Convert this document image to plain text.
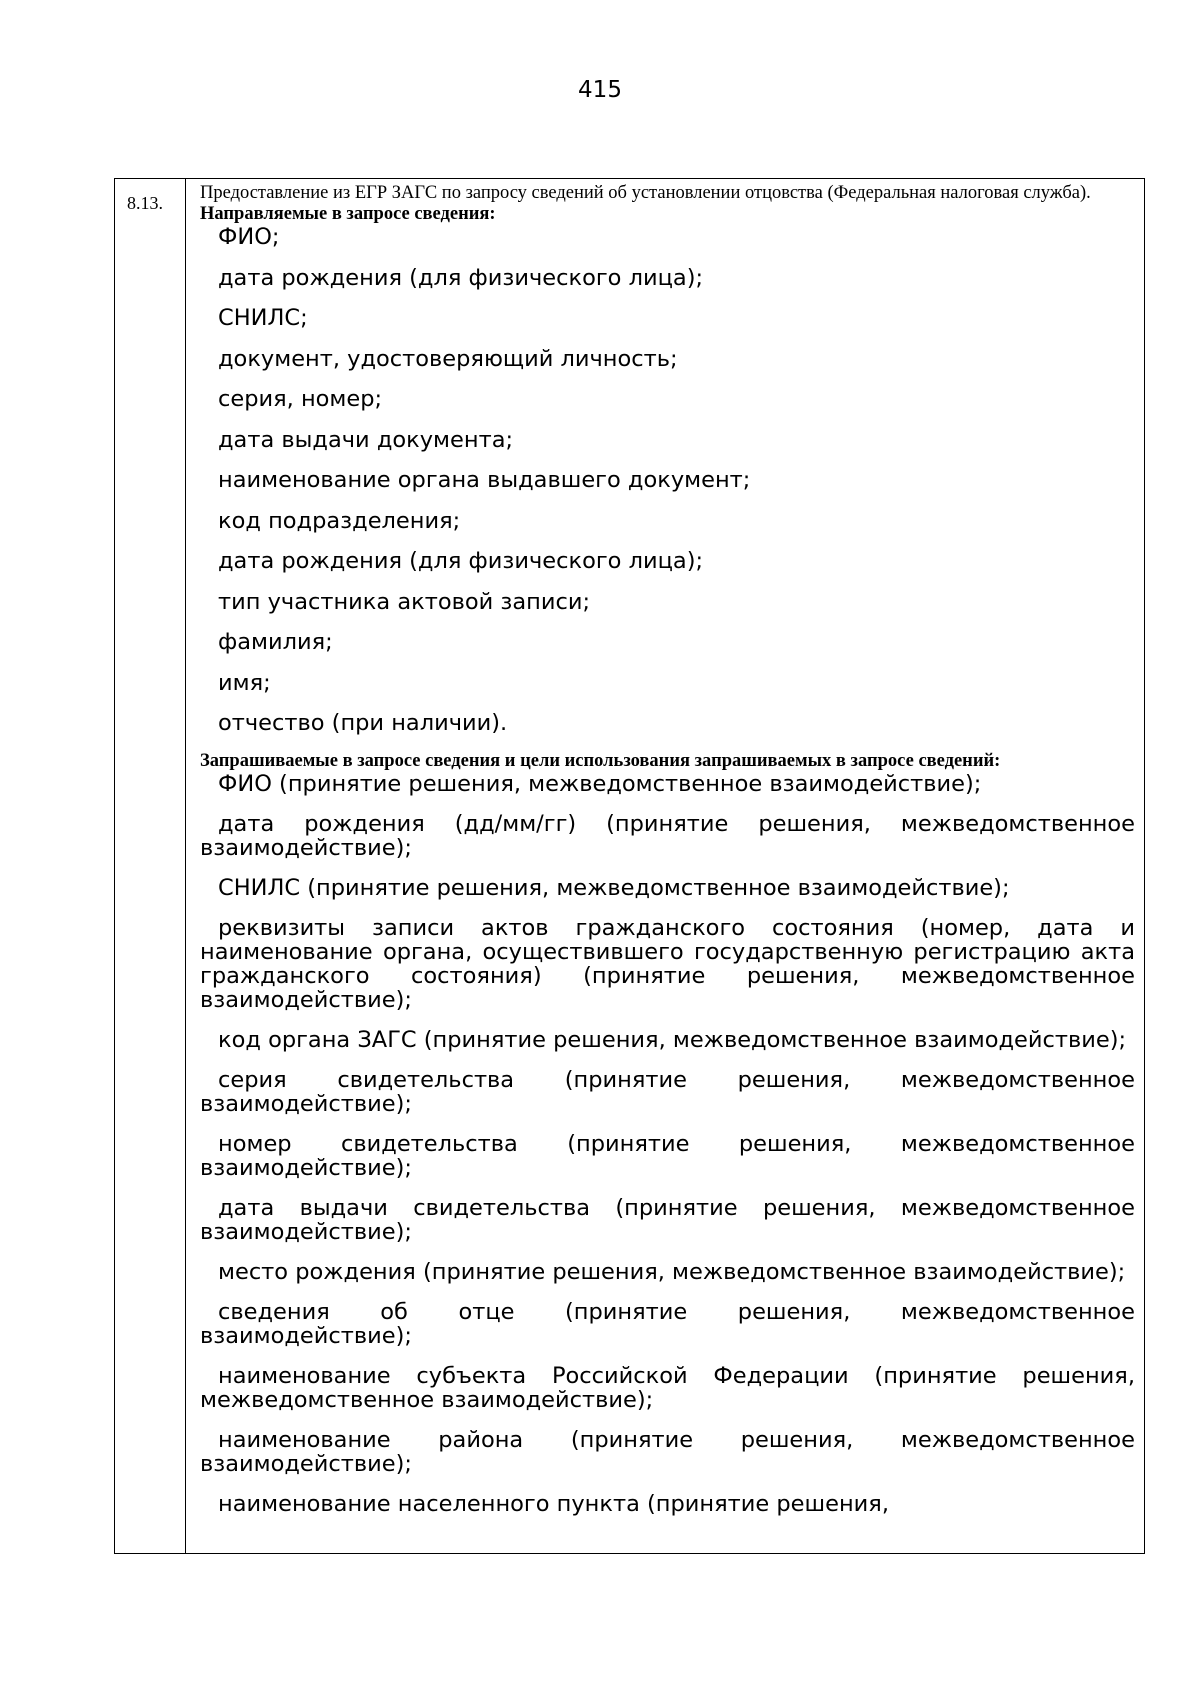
415
8.13. Предоставление из ЕГР ЗАГС по запросу сведений об установлении отцовства (Федеральная налоговая служба).

Направляемые в запросе сведения:

ФИО;
дата рождения (для физического лица);
СНИЛС;
документ, удостоверяющий личность;
серия, номер;
дата выдачи документа;
наименование органа выдавшего документ;
код подразделения;
дата рождения (для физического лица);
тип участника актовой записи;
фамилия;
имя;
отчество (при наличии).

Запрашиваемые в запросе сведения и цели использования запрашиваемых в запросе сведений:

ФИО (принятие решения, межведомственное взаимодействие);
дата рождения (дд/мм/гг) (принятие решения, межведомственное взаимодействие);
СНИЛС (принятие решения, межведомственное взаимодействие);
реквизиты записи актов гражданского состояния (номер, дата и наименование органа, осуществившего государственную регистрацию акта гражданского состояния) (принятие решения, межведомственное взаимодействие);
код органа ЗАГС (принятие решения, межведомственное взаимодействие);
серия свидетельства (принятие решения, межведомственное взаимодействие);
номер свидетельства (принятие решения, межведомственное взаимодействие);
дата выдачи свидетельства (принятие решения, межведомственное взаимодействие);
место рождения (принятие решения, межведомственное взаимодействие);
сведения об отце (принятие решения, межведомственное взаимодействие);
наименование субъекта Российской Федерации (принятие решения, межведомственное взаимодействие);
наименование района (принятие решения, межведомственное взаимодействие);
наименование населенного пункта (принятие решения,
